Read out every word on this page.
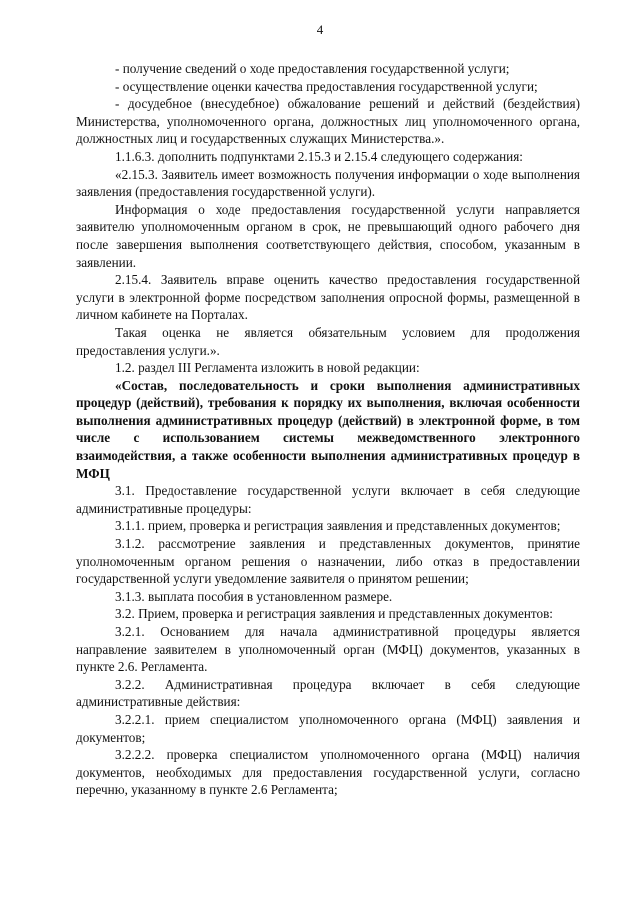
4

- получение сведений о ходе предоставления государственной услуги;

- осуществление оценки качества предоставления государственной услуги;

- досудебное (внесудебное) обжалование решений и действий (бездействия) Министерства, уполномоченного органа, должностных лиц уполномоченного органа, должностных лиц и государственных служащих Министерства.».

1.1.6.3. дополнить подпунктами 2.15.3 и 2.15.4 следующего содержания:

«2.15.3. Заявитель имеет возможность получения информации о ходе выполнения заявления (предоставления государственной услуги).

Информация о ходе предоставления государственной услуги направляется заявителю уполномоченным органом в срок, не превышающий одного рабочего дня после завершения выполнения соответствующего действия, способом, указанным в заявлении.

2.15.4. Заявитель вправе оценить качество предоставления государственной услуги в электронной форме посредством заполнения опросной формы, размещенной в личном кабинете на Порталах.

Такая оценка не является обязательным условием для продолжения предоставления услуги.».

1.2. раздел III Регламента изложить в новой редакции:

«Состав, последовательность и сроки выполнения административных процедур (действий), требования к порядку их выполнения, включая особенности выполнения административных процедур (действий) в электронной форме, в том числе с использованием системы межведомственного электронного взаимодействия, а также особенности выполнения административных процедур в МФЦ

3.1. Предоставление государственной услуги включает в себя следующие административные процедуры:

3.1.1. прием, проверка и регистрация заявления и представленных документов;

3.1.2. рассмотрение заявления и представленных документов, принятие уполномоченным органом решения о назначении, либо отказ в предоставлении государственной услуги уведомление заявителя о принятом решении;

3.1.3. выплата пособия в установленном размере.

3.2. Прием, проверка и регистрация заявления и представленных документов:

3.2.1. Основанием для начала административной процедуры является направление заявителем в уполномоченный орган (МФЦ) документов, указанных в пункте 2.6. Регламента.

3.2.2. Административная процедура включает в себя следующие административные действия:

3.2.2.1. прием специалистом уполномоченного органа (МФЦ) заявления и документов;

3.2.2.2. проверка специалистом уполномоченного органа (МФЦ) наличия документов, необходимых для предоставления государственной услуги, согласно перечню, указанному в пункте 2.6 Регламента;
